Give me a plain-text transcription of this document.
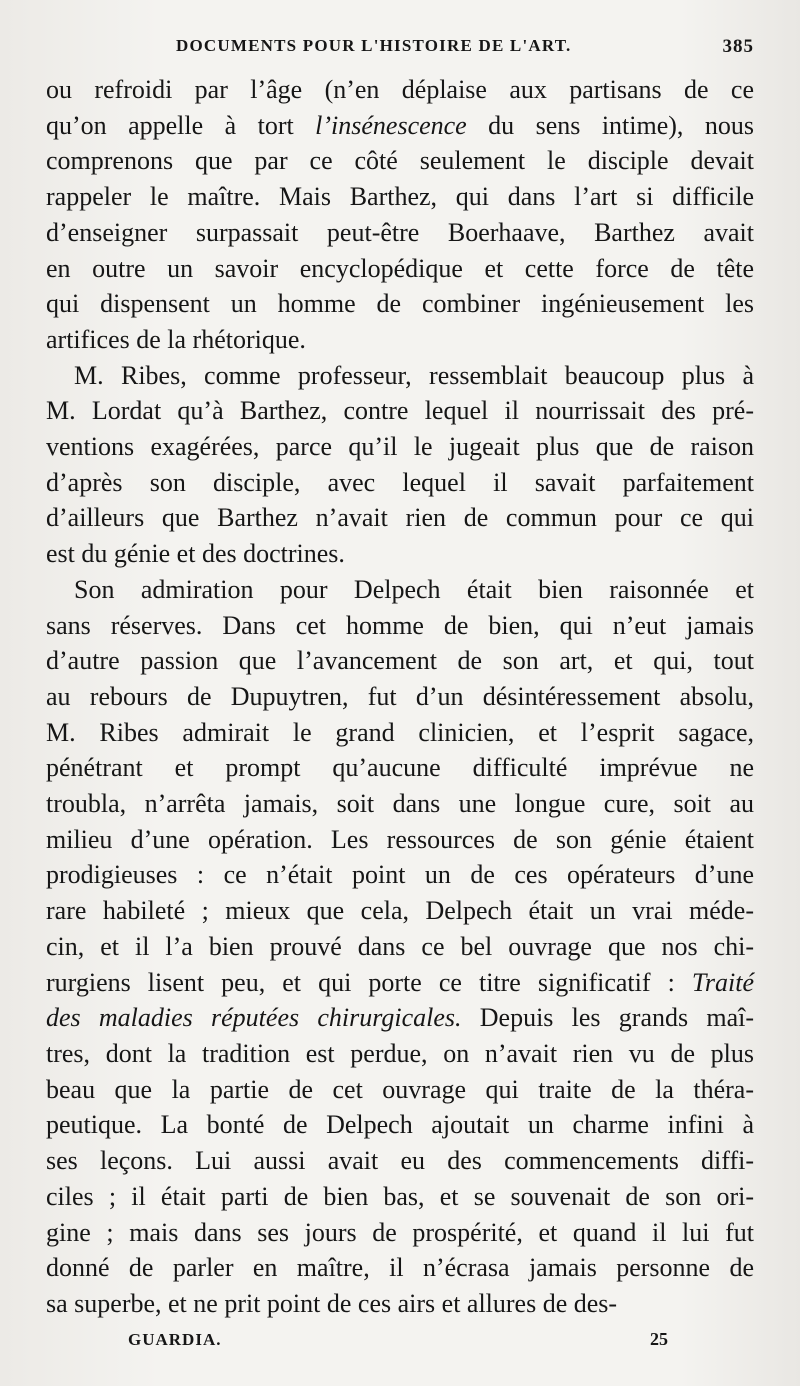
DOCUMENTS POUR L'HISTOIRE DE L'ART.	385
ou refroidi par l’âge (n’en déplaise aux partisans de ce
qu’on appelle à tort l’insénescence du sens intime), nous
comprenons que par ce côté seulement le disciple devait
rappeler le maître. Mais Barthez, qui dans l’art si difficile
d’enseigner surpassait peut-être Boerhaave, Barthez avait
en outre un savoir encyclopédique et cette force de tête
qui dispensent un homme de combiner ingénieusement les
artifices de la rhétorique.
M. Ribes, comme professeur, ressemblait beaucoup plus à
M. Lordat qu’à Barthez, contre lequel il nourrissait des pré-
ventions exagérées, parce qu’il le jugeait plus que de raison
d’après son disciple, avec lequel il savait parfaitement
d’ailleurs que Barthez n’avait rien de commun pour ce qui
est du génie et des doctrines.
Son admiration pour Delpech était bien raisonnée et
sans réserves. Dans cet homme de bien, qui n’eut jamais
d’autre passion que l’avancement de son art, et qui, tout
au rebours de Dupuytren, fut d’un désintéressement absolu,
M. Ribes admirait le grand clinicien, et l’esprit sagace,
pénétrant et prompt qu’aucune difficulté imprévue ne
troubla, n’arrêta jamais, soit dans une longue cure, soit au
milieu d’une opération. Les ressources de son génie étaient
prodigieuses : ce n’était point un de ces opérateurs d’une
rare habileté ; mieux que cela, Delpech était un vrai méde-
cin, et il l’a bien prouvé dans ce bel ouvrage que nos chi-
rurgiens lisent peu, et qui porte ce titre significatif : Traité
des maladies réputées chirurgicales. Depuis les grands maî-
tres, dont la tradition est perdue, on n’avait rien vu de plus
beau que la partie de cet ouvrage qui traite de la théra-
peutique. La bonté de Delpech ajoutait un charme infini à
ses leçons. Lui aussi avait eu des commencements diffi-
ciles ; il était parti de bien bas, et se souvenait de son ori-
gine ; mais dans ses jours de prospérité, et quand il lui fut
donné de parler en maître, il n’écrasa jamais personne de
sa superbe, et ne prit point de ces airs et allures de des-
GUARDIA.	25
